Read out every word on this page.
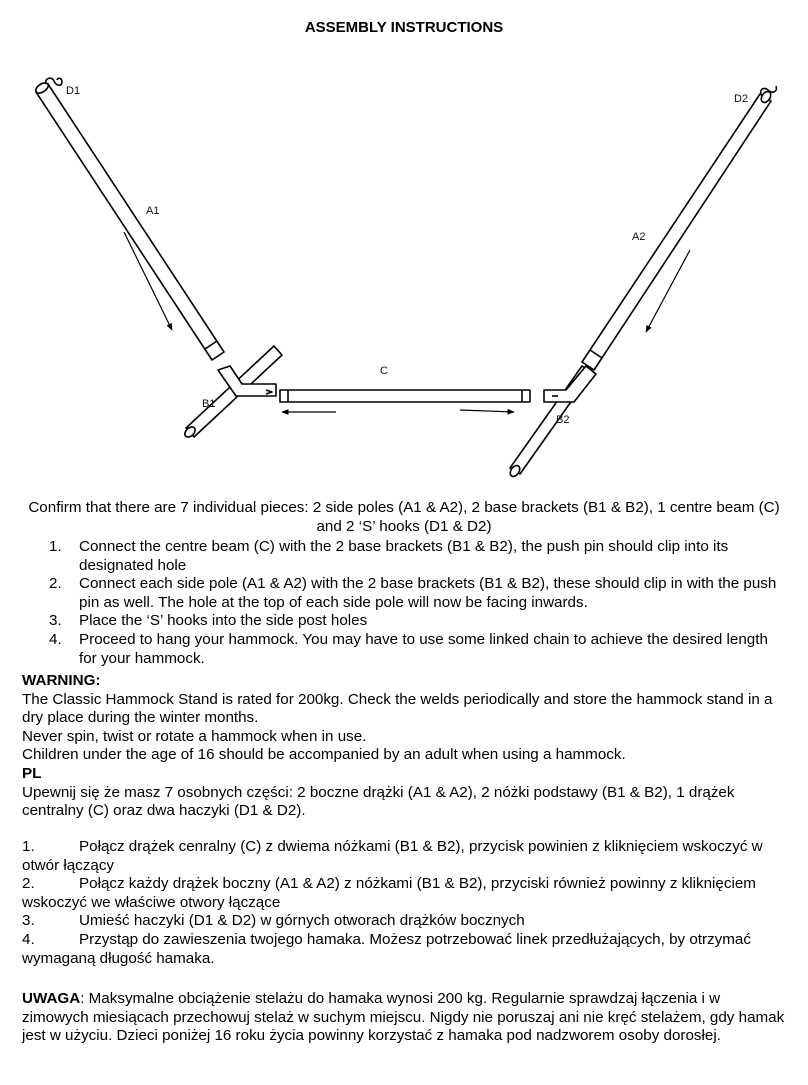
ASSEMBLY INSTRUCTIONS
D1
D2
A1
A2
B1
B2
C
Confirm that there are 7 individual pieces: 2 side poles (A1 & A2), 2 base brackets (B1 & B2), 1 centre beam (C) and 2 ‘S’ hooks (D1 & D2)
1. Connect the centre beam (C) with the 2 base brackets (B1 & B2), the push pin should clip into its designated hole
2. Connect each side pole (A1 & A2) with the 2 base brackets (B1 & B2), these should clip in with the push pin as well. The hole at the top of each side pole will now be facing inwards.
3. Place the ‘S’ hooks into the side post holes
4. Proceed to hang your hammock. You may have to use some linked chain to achieve the desired length for your hammock.
WARNING:
The Classic Hammock Stand is rated for 200kg. Check the welds periodically and store the hammock stand in a dry place during the winter months.
Never spin, twist or rotate a hammock when in use.
Children under the age of 16 should be accompanied by an adult when using a hammock.
PL
Upewnij się że masz 7 osobnych części: 2 boczne drążki (A1 & A2), 2 nóżki podstawy (B1 & B2), 1 drążek centralny (C) oraz dwa haczyki (D1 & D2).
1.	Połącz drążek cenralny (C) z dwiema nóżkami (B1 & B2), przycisk powinien z kliknięciem wskoczyć w otwór łączący
2.	Połącz każdy drążek boczny (A1 & A2) z nóżkami (B1 & B2), przyciski również powinny z kliknięciem wskoczyć we właściwe otwory łączące
3.	Umieść haczyki (D1 & D2) w górnych otworach drążków bocznych
4.	Przystąp do zawieszenia twojego hamaka. Możesz potrzebować linek przedłużających, by otrzymać wymaganą długość hamaka.
UWAGA: Maksymalne obciążenie stelażu do hamaka wynosi 200 kg. Regularnie sprawdzaj łączenia i w zimowych miesiącach przechowuj stelaż w suchym miejscu. Nigdy nie poruszaj ani nie kręć stelażem, gdy hamak jest w użyciu. Dzieci poniżej 16 roku życia powinny korzystać z hamaka pod nadzworem osoby dorosłej.
